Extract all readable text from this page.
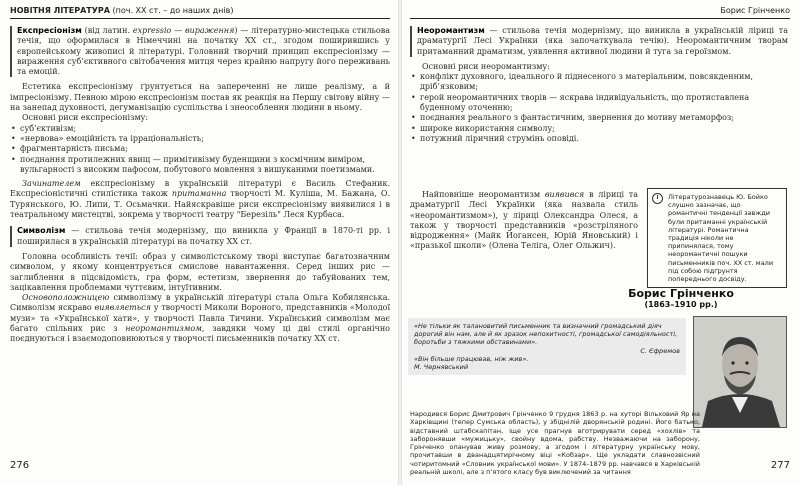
НОВІТНЯ ЛІТЕРАТУРА (поч. ХХ ст. – до наших днів)

Експресіонізм (від латин. expressio — вираження) — літературно-мистецька стильова течія, що оформилася в Німеччині на початку ХХ ст., згодом поширившись у європейському живописі й літературі. Головний творчий принцип експресіонізму — вираження суб’єктивного світобачення митця через крайню напругу його переживань та емоцій.

Естетика експресіонізму ґрунтується на запереченні не лише реалізму, а й імпресіонізму. Певною мірою експресіонізм постав як реакція на Першу світову війну — на занепад духовності, дегуманізацію суспільства і знеособлення людини в ньому.

Основні риси експресіонізму:

• суб’єктивізм;
• «нервова» емоційність та ірраціональність;
• фрагментарність письма;
• поєднання протилежних явищ — примітивізму буденщини з космічним виміром, вульгарності з високим пафосом, побутового мовлення з вишуканими поетизмами.

Зачинателем експресіонізму в українській літературі є Василь Стефаник. Експресіоністичні стилістика також притаманна творчості М. Куліша, М. Бажана, О. Турянського, Ю. Липи, Т. Осьмачки. Найяскравіше риси експресіонізму виявилися і в театральному мистецтві, зокрема у творчості театру "Березіль" Леся Курбаса.

Символізм — стильова течія модернізму, що виникла у Франції в 1870-ті рр. і поширилася в українській літературі на початку ХХ ст.

Головна особливість течії: образ у символістському творі виступає багатозначним символом, у якому концентрується смислове навантаження. Серед інших рис — заглиблення в підсвідомість, гра форм, естетизм, звернення до табуйованих тем, зацікавлення проблемами чуттєвим, інтуїтивним.

Основоположницею символізму в українській літературі стала Ольга Кобилянська. Символізм яскраво виявляється у творчості Миколи Вороного, представників «Молодої музи» та «Української хати», у творчості Павла Тичини. Український символізм має багато спільних рис з неоромантизмом, завдяки чому ці дві стилі органічно поєднуються і взаємодоповнюються у творчості письменників початку ХХ ст.

276
Борис Грінченко

Неоромантизм — стильова течія модернізму, що виникла в українській ліриці та драматургії Лесі Українки (яка започаткувала течію). Неоромантичним творам притаманний драматизм, уявлення активної людини й туга за героїзмом.

Основні риси неоромантизму:

• конфлікт духовного, ідеального й піднесеного з матеріальним, повсякденним, дріб’язковим;
• герой неоромантичних творів — яскрава індивідуальність, що протиставлена буденному оточенню;
• поєднання реального з фантастичним, звернення до мотиву метаморфоз;
• широке використання символу;
• потужний ліричний струмінь оповіді.

Найповніше неоромантизм виявився в ліриці та драматургії Лесі Українки (яка назвала стиль «неоромантизмом»), у ліриці Олександра Олеся, а також у творчості представників «розстріляного відродження» (Майк Йогансен, Юрій Яновський) і «празької школи» (Олена Теліга, Олег Ольжич).

Літературознавець Ю. Бойко слушно зазначає, що романтичні тенденції завжди були притаманні українській літературі. Романтична традиція ніколи не припинялася, тому неоромантичні пошуки письменників поч. ХХ ст. мали під собою підґрунтя попереднього досвіду.
Борис Грінченко
(1863–1910 рр.)
«Не тільки як талановитий письменник та визначний громадський діяч дорогий він нам, але й як зразок непохитності, громадської самодіяльності, боротьби з тяжкими обставинами».
С. Єфремов
«Він більше працював, ніж жив».
М. Чернявський

Народився Борис Дмитрович Грінченко 9 грудня 1863 р. на хуторі Вільховий Яр на Харківщині (тепер Сумська область), у збіднілій дворянській родині. Його батько, відставний штабскапітан, іще усе прагнув вготрирувати серед «хохлів» та заборонявши «мужицьку», свойну вдома, рабству. Незважаючи на заборону, Грінченко опанував живу розмову, а згодом і літературну українську мову, прочитавши в дванадцятирічному віці «Кобзар». Ще укладати славнозвісний чотиритомний «Словник української мови». У 1874–1879 рр. навчався в Харківській реальній школі, але з п’ятого класу був виключений за читання

277
